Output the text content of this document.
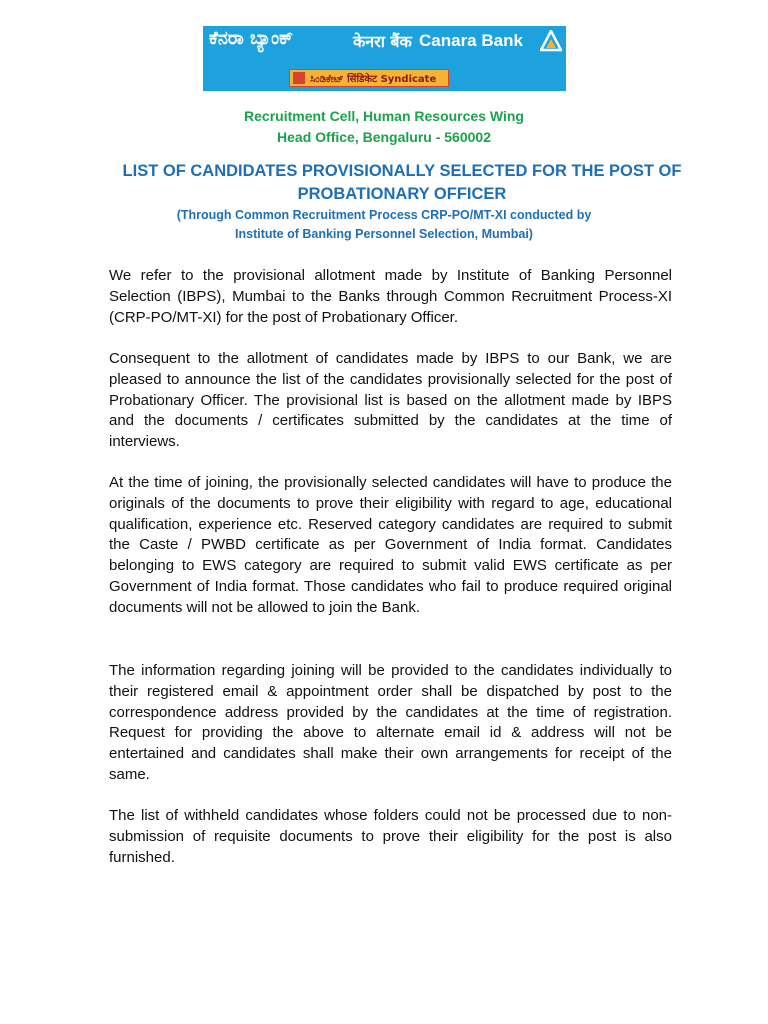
ಕೆನರಾ ಬ್ಯಾಂಕ್	केनरा बैंक Canara Bank
ಸಿಂಡಿಕೇಟ್ सिंडिकेट Syndicate
Recruitment Cell, Human Resources Wing
Head Office, Bengaluru - 560002
LIST OF CANDIDATES PROVISIONALLY SELECTED FOR THE POST OF PROBATIONARY OFFICER
(Through Common Recruitment Process CRP-PO/MT-XI conducted by
Institute of Banking Personnel Selection, Mumbai)

We refer to the provisional allotment made by Institute of Banking Personnel Selection (IBPS), Mumbai to the Banks through Common Recruitment Process-XI (CRP-PO/MT-XI) for the post of Probationary Officer.

Consequent to the allotment of candidates made by IBPS to our Bank, we are pleased to announce the list of the candidates provisionally selected for the post of Probationary Officer. The provisional list is based on the allotment made by IBPS and the documents / certificates submitted by the candidates at the time of interviews.

At the time of joining, the provisionally selected candidates will have to produce the originals of the documents to prove their eligibility with regard to age, educational qualification, experience etc. Reserved category candidates are required to submit the Caste / PWBD certificate as per Government of India format. Candidates belonging to EWS category are required to submit valid EWS certificate as per Government of India format. Those candidates who fail to produce required original documents will not be allowed to join the Bank.

The information regarding joining will be provided to the candidates individually to their registered email & appointment order shall be dispatched by post to the correspondence address provided by the candidates at the time of registration. Request for providing the above to alternate email id & address will not be entertained and candidates shall make their own arrangements for receipt of the same.

The list of withheld candidates whose folders could not be processed due to non-submission of requisite documents to prove their eligibility for the post is also furnished.
